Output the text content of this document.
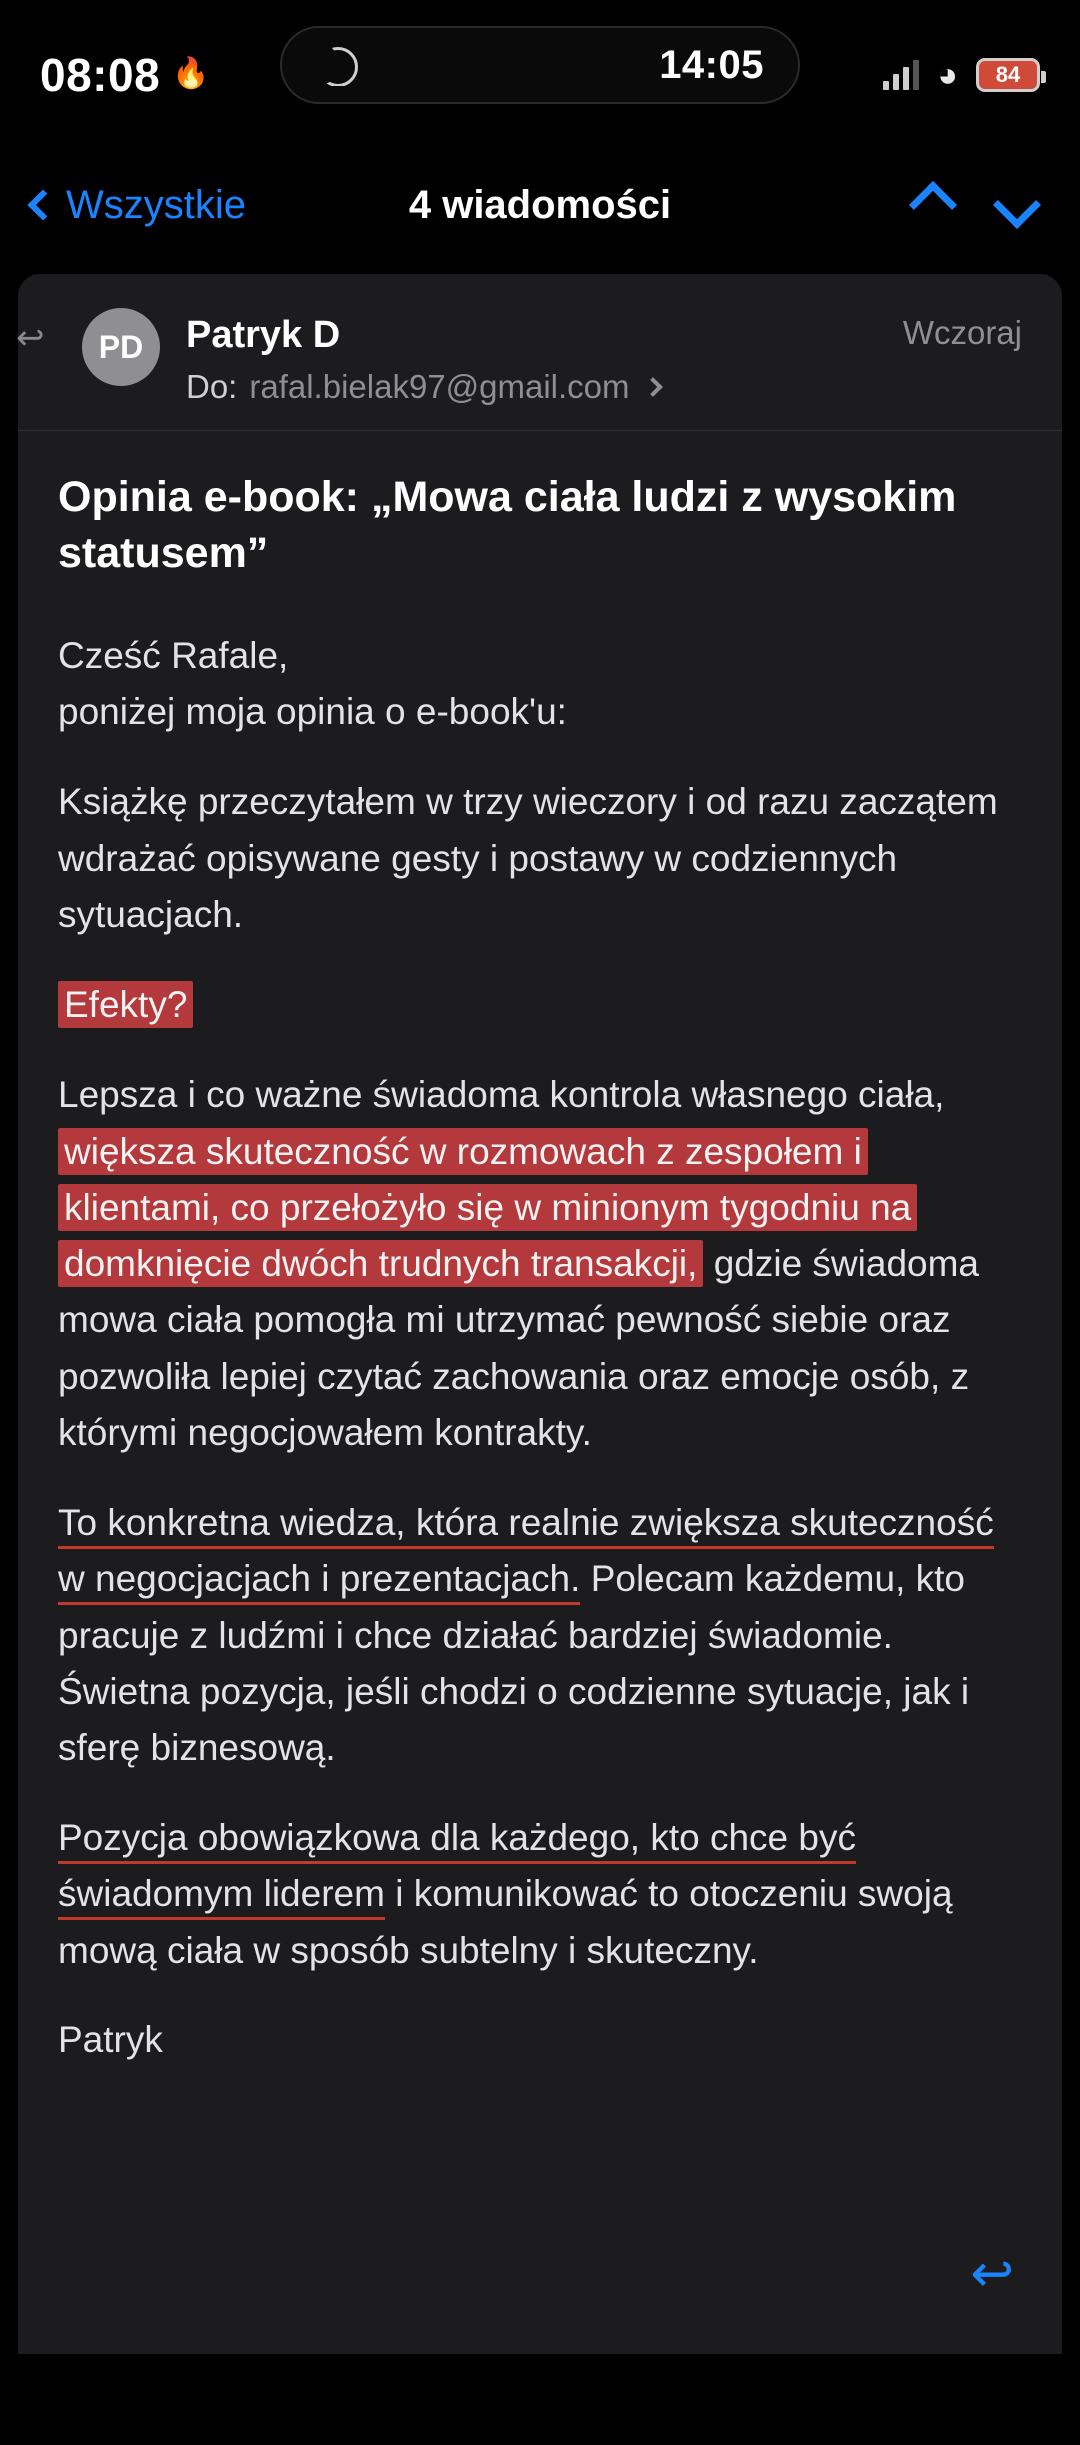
08:08 🔥	14:05	◕ 84
Wszystkie	4 wiadomości
↩	PD	Patryk D
Do: rafal.bielak97@gmail.com
Wczoraj
Opinia e-book: „Mowa ciała ludzi z wysokim statusem”
Cześć Rafale,
poniżej moja opinia o e-book'u:
Książkę przeczytałem w trzy wieczory i od razu zaczątem wdrażać opisywane gesty i postawy w codziennych sytuacjach.
Efekty?
Lepsza i co ważne świadoma kontrola własnego ciała, większa skuteczność w rozmowach z zespołem i klientami, co przełożyło się w minionym tygodniu na domknięcie dwóch trudnych transakcji, gdzie świadoma mowa ciała pomogła mi utrzymać pewność siebie oraz pozwoliła lepiej czytać zachowania oraz emocje osób, z którymi negocjowałem kontrakty.
To konkretna wiedza, która realnie zwiększa skuteczność w negocjacjach i prezentacjach. Polecam każdemu, kto pracuje z ludźmi i chce działać bardziej świadomie. Świetna pozycja, jeśli chodzi o codzienne sytuacje, jak i sferę biznesową.
Pozycja obowiązkowa dla każdego, kto chce być świadomym liderem i komunikować to otoczeniu swoją mową ciała w sposób subtelny i skuteczny.
Patryk
↩
